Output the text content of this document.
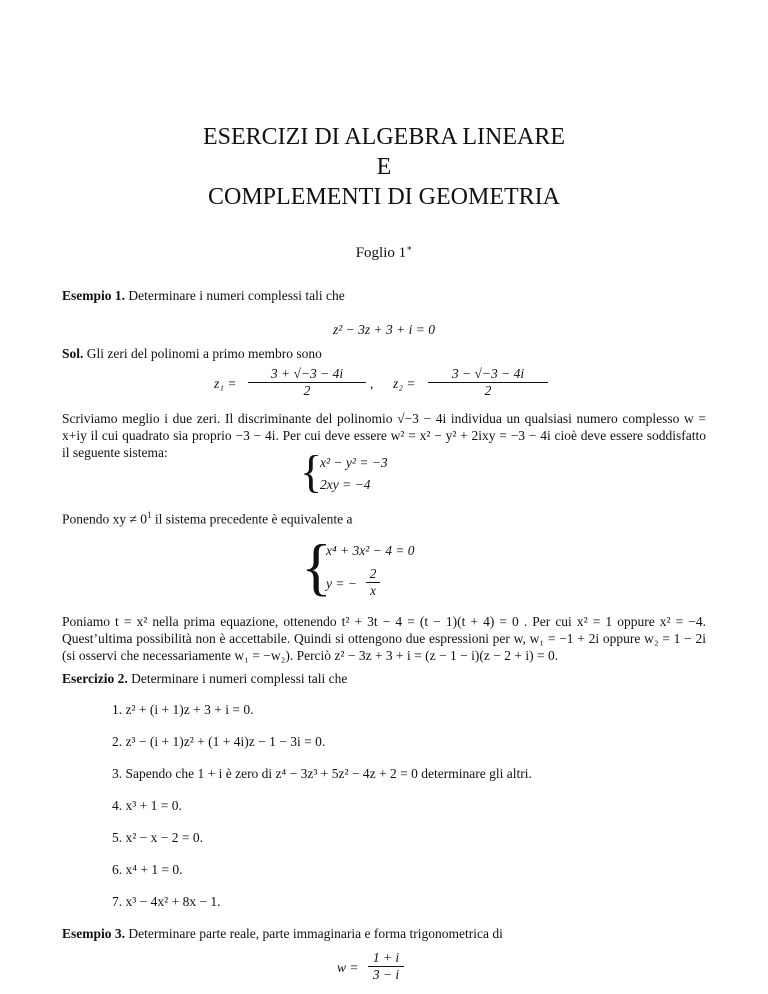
ESERCIZI DI ALGEBRA LINEARE
E
COMPLEMENTI DI GEOMETRIA
Foglio 1∗
Esempio 1. Determinare i numeri complessi tali che
z² − 3z + 3 + i = 0
Sol. Gli zeri del polinomi a primo membro sono
$z_1 = \frac{3 + √-3 - 4i}{2}$ , $z_2 = \frac{3 - √-3 - 4i}{2}$
Scriviamo meglio i due zeri. Il discriminante del polinomio √−3 − 4i individua un qualsiasi numero complesso w = x+iy il cui quadrato sia proprio −3 − 4i. Per cui deve essere w² = x² − y² + 2ixy = −3 − 4i cioè deve essere soddisfatto il seguente sistema:	{
x² − y² = −3
2xy = −4
Ponendo xy ≠ $0^1$ il sistema precedente è equivalente a
{
x⁴ + 3x² − 4 = 0
y = − $\frac{2}{x}$
Poniamo t = x² nella prima equazione, ottenendo t² + 3t − 4 = (t − 1)(t + 4) = 0 . Per cui x² = 1 oppure x² = −4. Quest’ultima possibilità non è accettabile. Quindi si ottengono due espressioni per w, w₁ = −1 + 2i oppure w₂ = 1 − 2i (si osservi che necessariamente w₁ = −w₂). Perciò z² − 3z + 3 + i = (z − 1 − i)(z − 2 + i) = 0.
Esercizio 2. Determinare i numeri complessi tali che
1. z² + (i + 1)z + 3 + i = 0.
2. z³ − (i + 1)z² + (1 + 4i)z − 1 − 3i = 0.
3. Sapendo che 1 + i è zero di z⁴ − 3z³ + 5z² − 4z + 2 = 0 determinare gli altri.
4. x³ + 1 = 0.
5. x² − x − 2 = 0.
6. x⁴ + 1 = 0.
7. x³ − 4x² + 8x − 1.
Esempio 3. Determinare parte reale, parte immaginaria e forma trigonometrica di
$w = \frac{1 + i}{3 - i}$
